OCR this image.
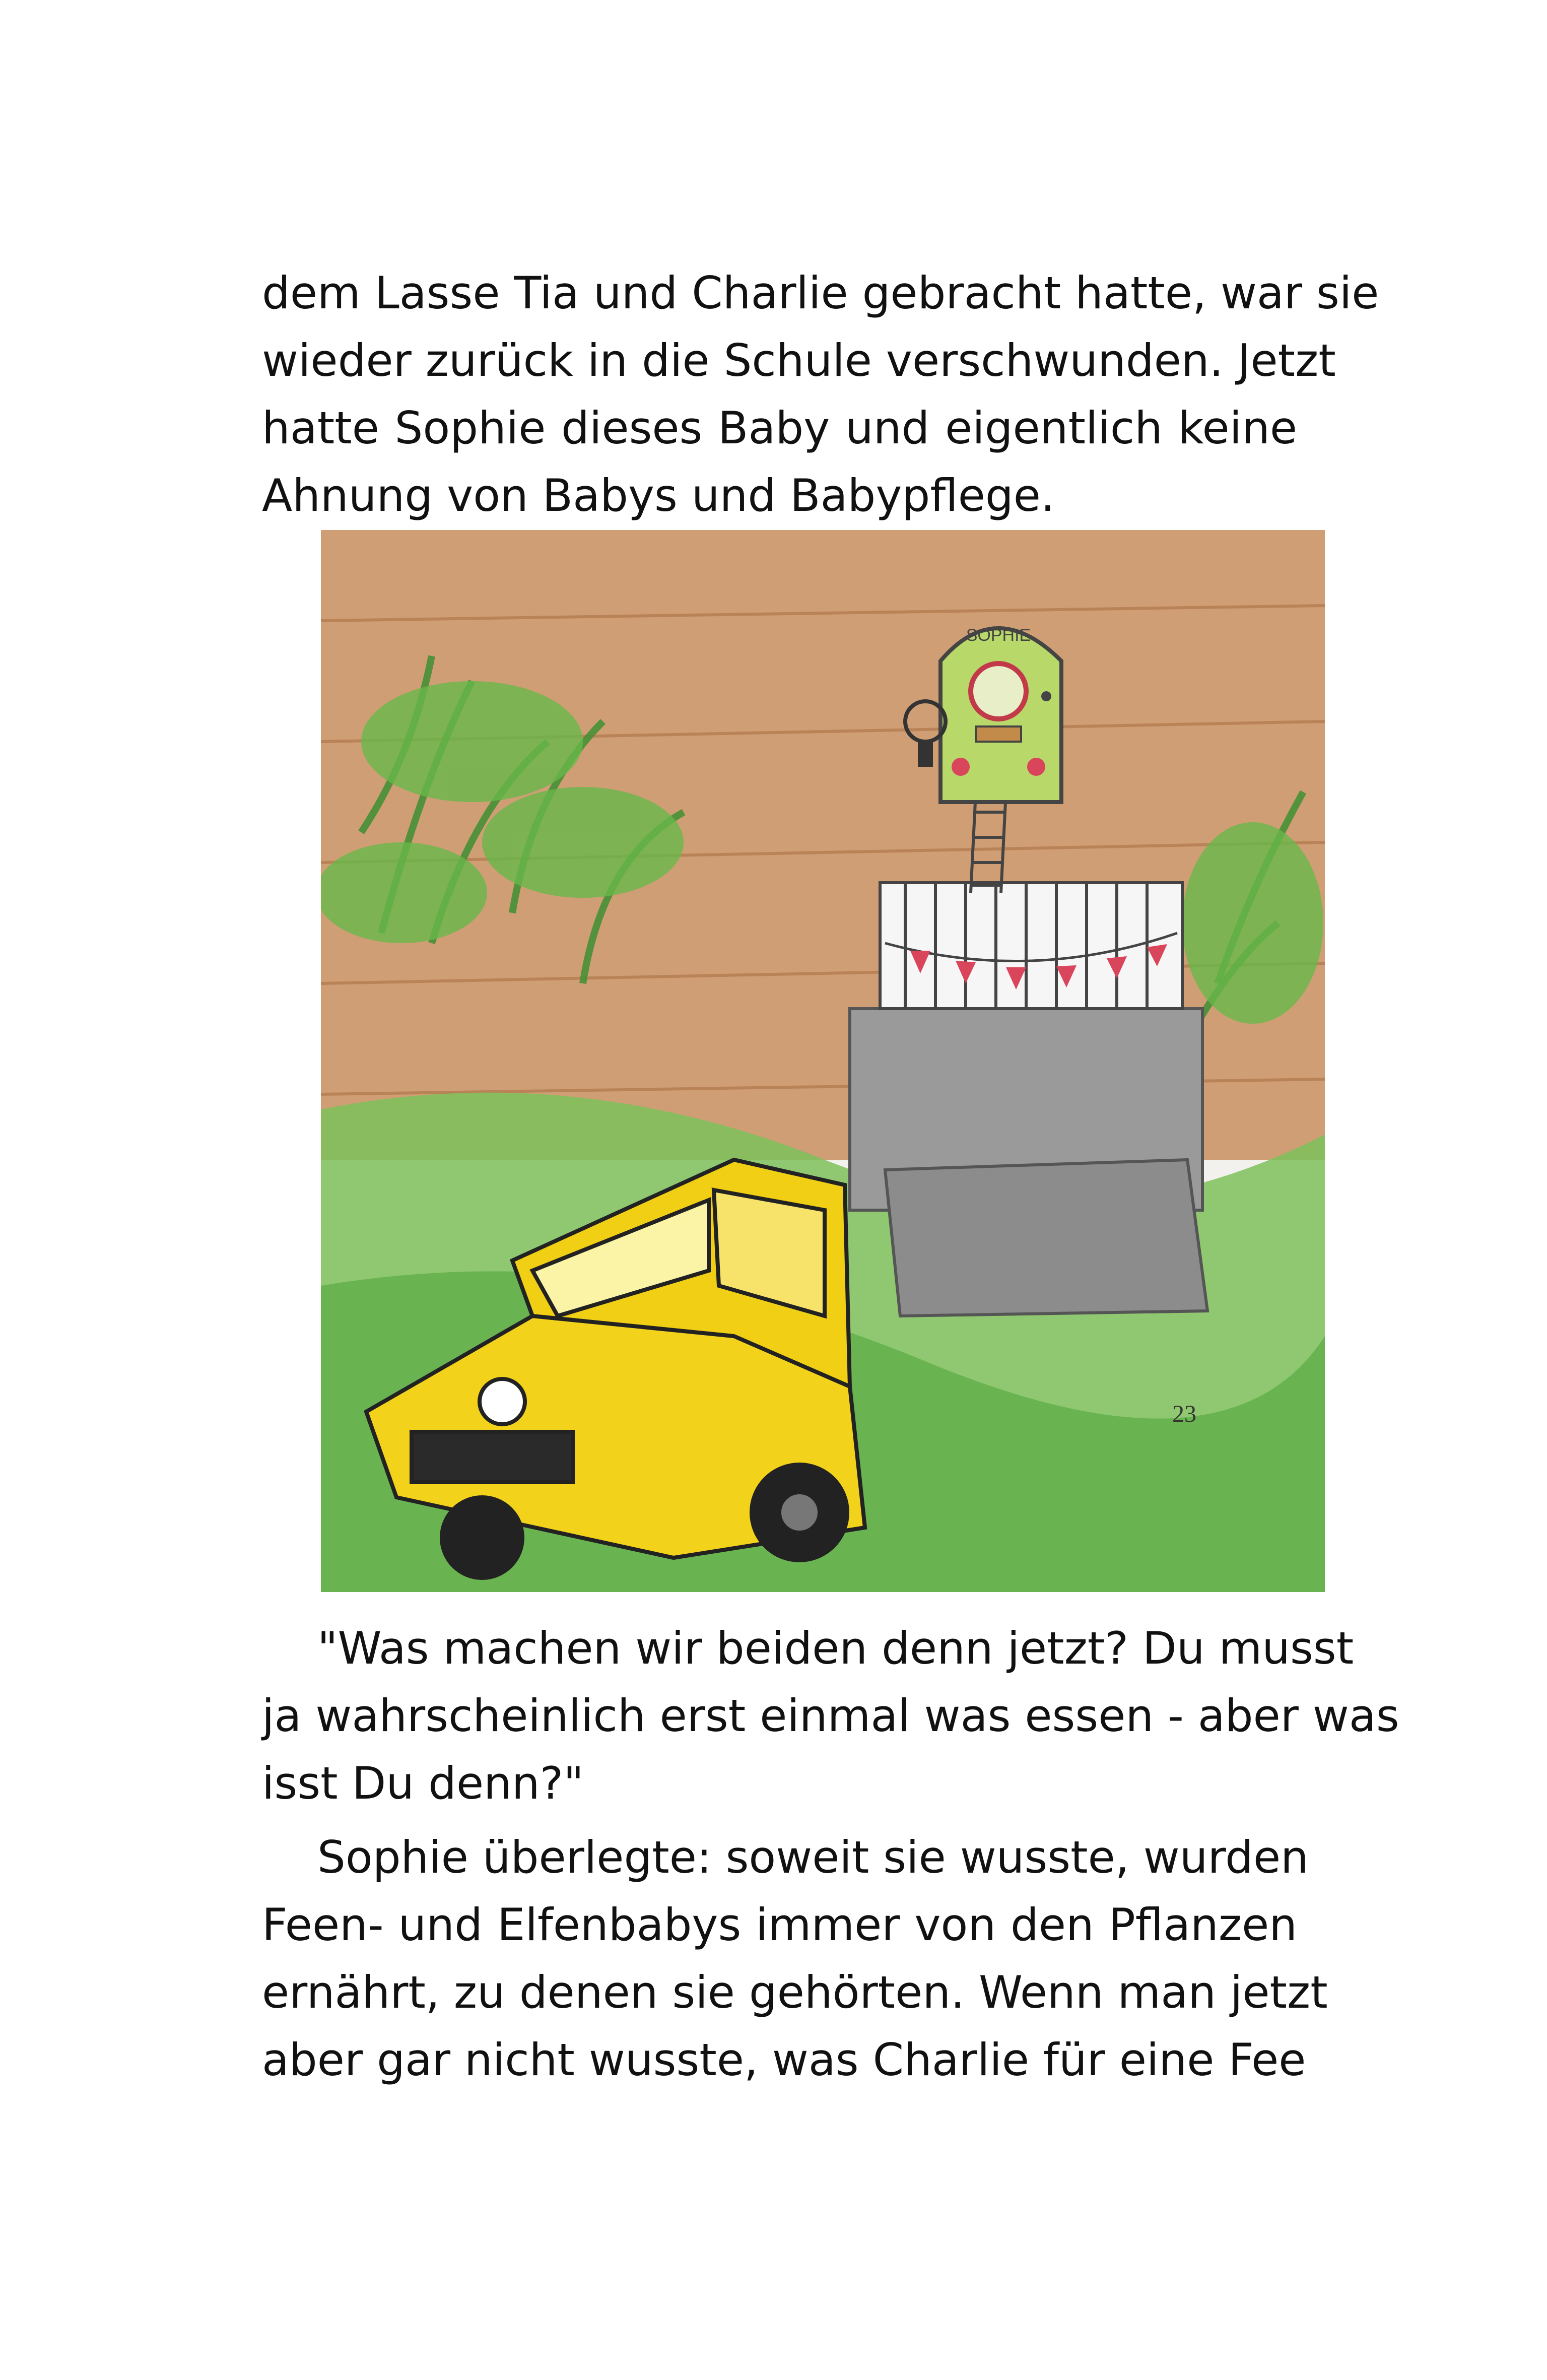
dem Lasse Tia und Charlie gebracht hatte, war sie
wieder zurück in die Schule verschwunden. Jetzt
hatte Sophie dieses Baby und eigentlich keine
Ahnung von Babys und Babypflege.
SOPHIE
23
"Was machen wir beiden denn jetzt? Du musst
ja wahrscheinlich erst einmal was essen - aber was
isst Du denn?"
Sophie überlegte: soweit sie wusste, wurden
Feen- und Elfenbabys immer von den Pflanzen
ernährt, zu denen sie gehörten. Wenn man jetzt
aber gar nicht wusste, was Charlie für eine Fee
